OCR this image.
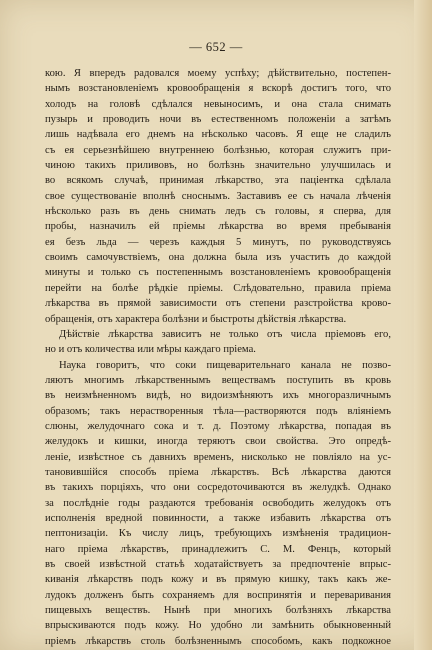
— 652 —
кою. Я впередъ радовался моему успѣху; дѣйствительно, постепен-
нымъ возстановленіемъ кровообращенія я вскорѣ достигъ того, что
холодъ на головѣ сдѣлался невыносимъ, и она стала снимать
пузырь и проводить ночи въ естественномъ положеніи а затѣмъ
лишь надѣвала его днемъ на нѣсколько часовъ. Я еще не сладилъ
съ ея серьезнѣйшею внутреннею болѣзнью, которая служитъ при-
чиною такихъ приливовъ, но болѣзнь значительно улучшилась и
во всякомъ случаѣ, принимая лѣкарство, эта паціентка сдѣлала
свое существованіе вполнѣ сноснымъ. Заставивъ ее съ начала лѣченія
нѣсколько разъ въ день снимать ледъ съ головы, я сперва, для
пробы, назначилъ ей пріемы лѣкарства во время пребыванія
ея безъ льда — черезъ каждыя 5 минутъ, по руководствуясь
своимъ самочувствіемъ, она должна была изъ участить до каждой
минуты и только съ постепеннымъ возстановленіемъ кровообращенія
перейти на болѣе рѣдкіе пріемы. Слѣдовательно, правила пріема
лѣкарства въ прямой зависимости отъ степени разстройства крово-
обращенія, отъ характера болѣзни и быстроты дѣйствія лѣкарства.
Дѣйствіе лѣкарства зависитъ не только отъ числа пріемовъ его,
но и отъ количества или мѣры каждаго пріема.
Наука говоритъ, что соки пищеварительнаго канала не позво-
ляютъ многимъ лѣкарственнымъ веществамъ поступить въ кровь
въ неизмѣненномъ видѣ, но видоизмѣняютъ ихъ многоразличнымъ
образомъ; такъ нерастворенныя тѣла—растворяются подъ вліяніемъ
слюны, желудочнаго сока и т. д. Поэтому лѣкарства, попадая въ
желудокъ и кишки, иногда теряютъ свои свойства. Это опредѣ-
леніе, извѣстное съ давнихъ временъ, нисколько не повліяло на ус-
тановившійся способъ пріема лѣкарствъ. Всѣ лѣкарства даются
въ такихъ порціяхъ, что они сосредоточиваются въ желудкѣ. Однако
за послѣдніе годы раздаются требованія освободить желудокъ отъ
исполненія вредной повинности, а также избавить лѣкарства отъ
пептонизаціи. Къ числу лицъ, требующихъ измѣненія традицион-
наго пріема лѣкарствъ, принадлежитъ С. М. Фенцъ, который
въ своей извѣстной статьѣ ходатайствуетъ за предпочтеніе впрыс-
киванія лѣкарствъ подъ кожу и въ прямую кишку, такъ какъ же-
лудокъ долженъ быть сохраняемъ для воспринятія и переваривания
пищевыхъ веществъ. Нынѣ при многихъ болѣзняхъ лѣкарства
впрыскиваются подъ кожу. Но удобно ли замѣнить обыкновенный
пріемъ лѣкарствъ столь болѣзненнымъ способомъ, какъ подкожное
